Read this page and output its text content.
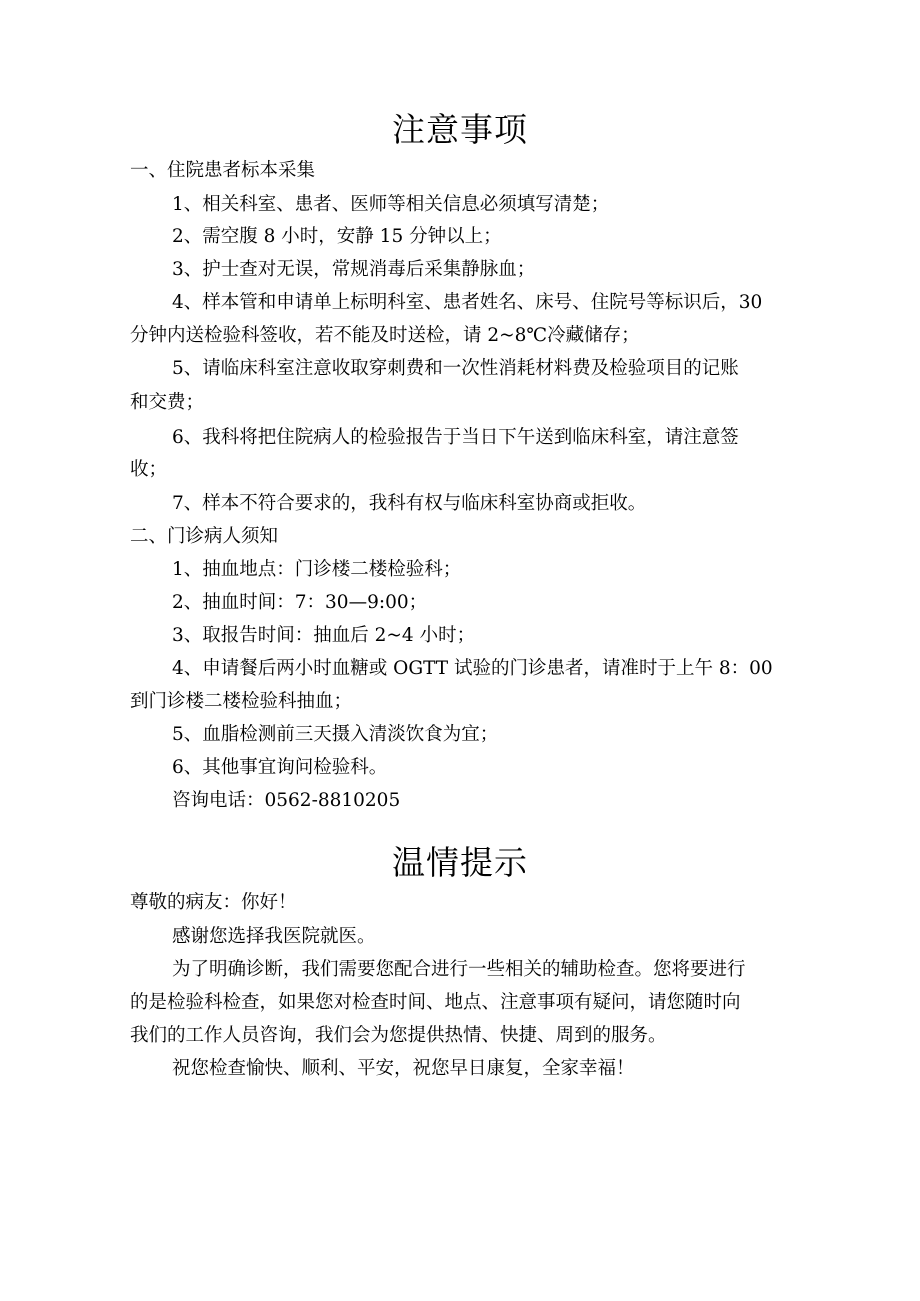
注意事项
一、住院患者标本采集
1、相关科室、患者、医师等相关信息必须填写清楚；
2、需空腹 8 小时，安静 15 分钟以上；
3、护士查对无误，常规消毒后采集静脉血；
4、样本管和申请单上标明科室、患者姓名、床号、住院号等标识后，30
分钟内送检验科签收，若不能及时送检，请 2~8℃冷藏储存；
5、请临床科室注意收取穿刺费和一次性消耗材料费及检验项目的记账
和交费；
6、我科将把住院病人的检验报告于当日下午送到临床科室，请注意签
收；
7、样本不符合要求的，我科有权与临床科室协商或拒收。
二、门诊病人须知
1、抽血地点：门诊楼二楼检验科；
2、抽血时间：7：30—9:00；
3、取报告时间：抽血后 2~4 小时；
4、申请餐后两小时血糖或 OGTT 试验的门诊患者，请准时于上午 8：00
到门诊楼二楼检验科抽血；
5、血脂检测前三天摄入清淡饮食为宜；
6、其他事宜询问检验科。
咨询电话：0562-8810205
温情提示
尊敬的病友：你好！
感谢您选择我医院就医。
为了明确诊断，我们需要您配合进行一些相关的辅助检查。您将要进行
的是检验科检查，如果您对检查时间、地点、注意事项有疑问，请您随时向
我们的工作人员咨询，我们会为您提供热情、快捷、周到的服务。
祝您检查愉快、顺利、平安，祝您早日康复，全家幸福！
